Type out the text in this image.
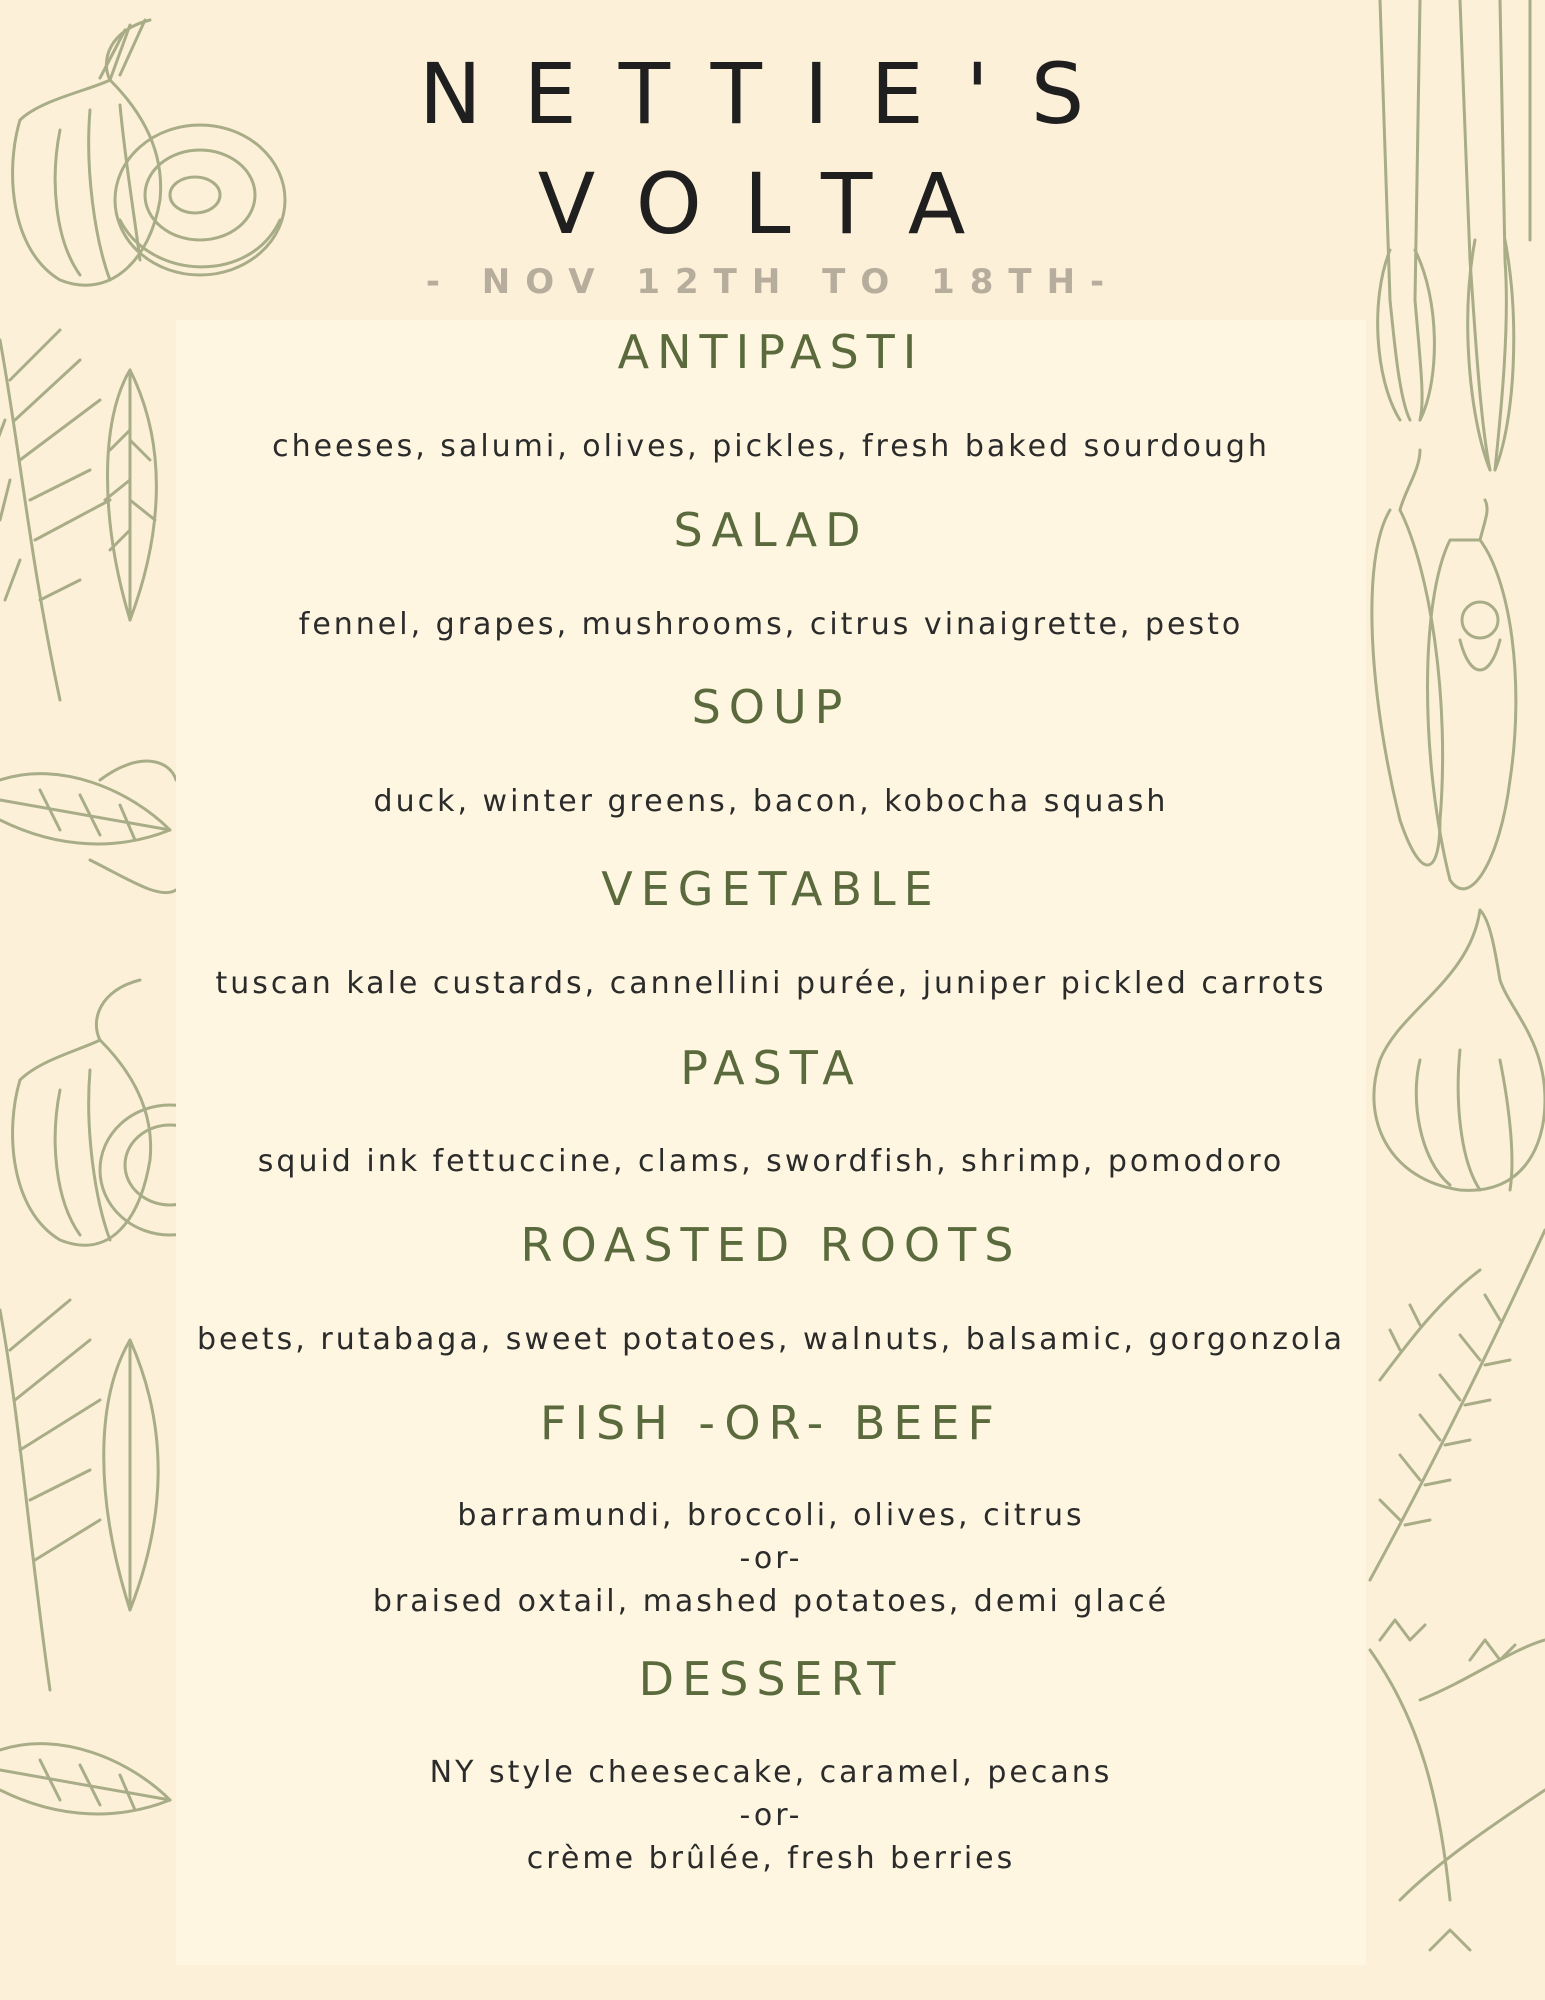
NETTIE'S
VOLTA
- NOV 12TH TO 18TH-
ANTIPASTI
cheeses, salumi, olives, pickles, fresh baked sourdough
SALAD
fennel, grapes, mushrooms, citrus vinaigrette, pesto
SOUP
duck, winter greens, bacon, kobocha squash
VEGETABLE
tuscan kale custards, cannellini purée, juniper pickled carrots
PASTA
squid ink fettuccine, clams, swordfish, shrimp, pomodoro
ROASTED ROOTS
beets, rutabaga, sweet potatoes, walnuts, balsamic, gorgonzola
FISH -OR- BEEF
barramundi, broccoli, olives, citrus
-or-
braised oxtail, mashed potatoes, demi glacé
DESSERT
NY style cheesecake, caramel, pecans
-or-
crème brûlée, fresh berries
